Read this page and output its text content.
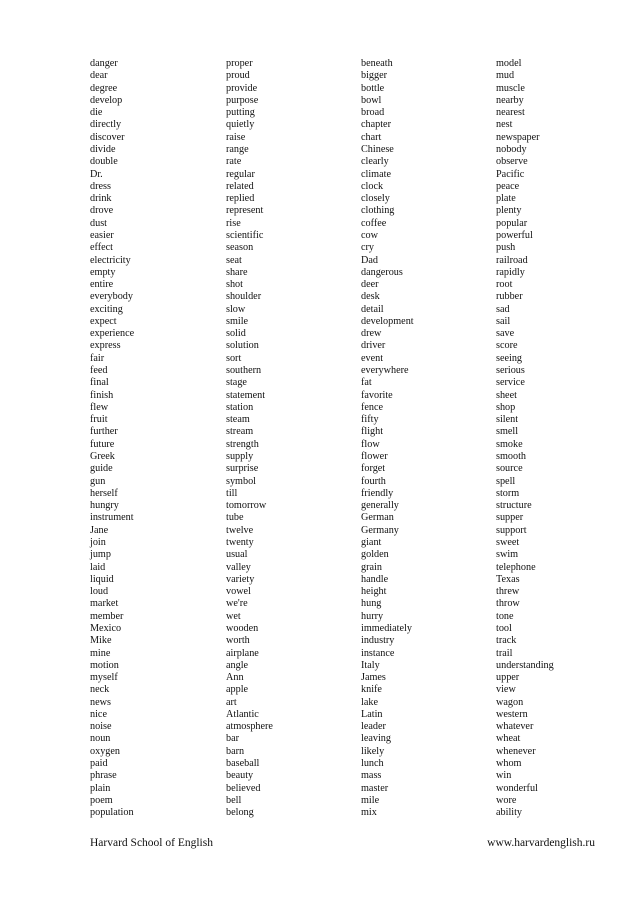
danger
dear
degree
develop
die
directly
discover
divide
double
Dr.
dress
drink
drove
dust
easier
effect
electricity
empty
entire
everybody
exciting
expect
experience
express
fair
feed
final
finish
flew
fruit
further
future
Greek
guide
gun
herself
hungry
instrument
Jane
join
jump
laid
liquid
loud
market
member
Mexico
Mike
mine
motion
myself
neck
news
nice
noise
noun
oxygen
paid
phrase
plain
poem
population
proper
proud
provide
purpose
putting
quietly
raise
range
rate
regular
related
replied
represent
rise
scientific
season
seat
share
shot
shoulder
slow
smile
solid
solution
sort
southern
stage
statement
station
steam
stream
strength
supply
surprise
symbol
till
tomorrow
tube
twelve
twenty
usual
valley
variety
vowel
we're
wet
wooden
worth
airplane
angle
Ann
apple
art
Atlantic
atmosphere
bar
barn
baseball
beauty
believed
bell
belong
beneath
bigger
bottle
bowl
broad
chapter
chart
Chinese
clearly
climate
clock
closely
clothing
coffee
cow
cry
Dad
dangerous
deer
desk
detail
development
drew
driver
event
everywhere
fat
favorite
fence
fifty
flight
flow
flower
forget
fourth
friendly
generally
German
Germany
giant
golden
grain
handle
height
hung
hurry
immediately
industry
instance
Italy
James
knife
lake
Latin
leader
leaving
likely
lunch
mass
master
mile
mix
model
mud
muscle
nearby
nearest
nest
newspaper
nobody
observe
Pacific
peace
plate
plenty
popular
powerful
push
railroad
rapidly
root
rubber
sad
sail
save
score
seeing
serious
service
sheet
shop
silent
smell
smoke
smooth
source
spell
storm
structure
supper
support
sweet
swim
telephone
Texas
threw
throw
tone
tool
track
trail
understanding
upper
view
wagon
western
whatever
wheat
whenever
whom
win
wonderful
wore
ability
Harvard School of English	www.harvardenglish.ru
